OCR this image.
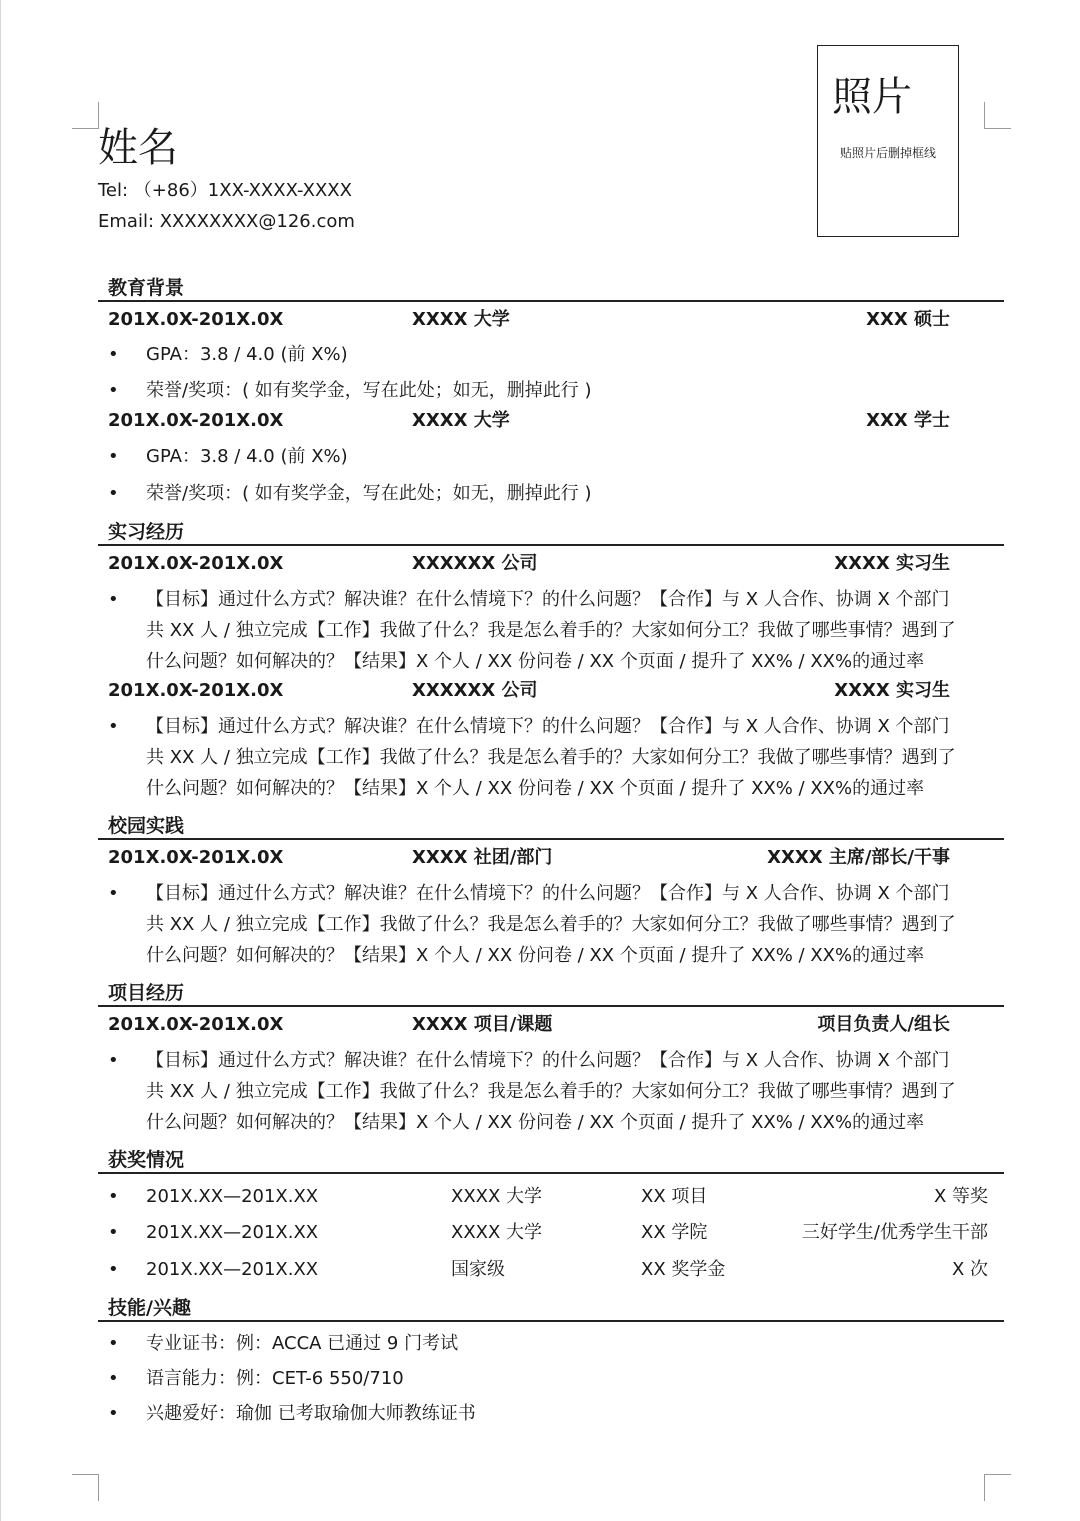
姓名
Tel: （+86）1XX-XXXX-XXXX
Email: XXXXXXXX@126.com
照片
贴照片后删掉框线
教育背景
201X.0X-201X.0X	XXXX 大学	XXX 硕士
•	GPA：3.8 / 4.0 (前 X%)
•	荣誉/奖项：( 如有奖学金，写在此处；如无，删掉此行 )
201X.0X-201X.0X	XXXX 大学	XXX 学士
•	GPA：3.8 / 4.0 (前 X%)
•	荣誉/奖项：( 如有奖学金，写在此处；如无，删掉此行 )
实习经历
201X.0X-201X.0X	XXXXXX 公司	XXXX 实习生
•	【目标】通过什么方式？解决谁？在什么情境下？的什么问题？【合作】与 X 人合作、协调 X 个部门
共 XX 人 / 独立完成【工作】我做了什么？我是怎么着手的？大家如何分工？我做了哪些事情？遇到了
什么问题？如何解决的？【结果】X 个人 / XX 份问卷 / XX 个页面 / 提升了 XX% / XX%的通过率
201X.0X-201X.0X	XXXXXX 公司	XXXX 实习生
•	【目标】通过什么方式？解决谁？在什么情境下？的什么问题？【合作】与 X 人合作、协调 X 个部门
共 XX 人 / 独立完成【工作】我做了什么？我是怎么着手的？大家如何分工？我做了哪些事情？遇到了
什么问题？如何解决的？【结果】X 个人 / XX 份问卷 / XX 个页面 / 提升了 XX% / XX%的通过率
校园实践
201X.0X-201X.0X	XXXX 社团/部门	XXXX 主席/部长/干事
•	【目标】通过什么方式？解决谁？在什么情境下？的什么问题？【合作】与 X 人合作、协调 X 个部门
共 XX 人 / 独立完成【工作】我做了什么？我是怎么着手的？大家如何分工？我做了哪些事情？遇到了
什么问题？如何解决的？【结果】X 个人 / XX 份问卷 / XX 个页面 / 提升了 XX% / XX%的通过率
项目经历
201X.0X-201X.0X	XXXX 项目/课题	项目负责人/组长
•	【目标】通过什么方式？解决谁？在什么情境下？的什么问题？【合作】与 X 人合作、协调 X 个部门
共 XX 人 / 独立完成【工作】我做了什么？我是怎么着手的？大家如何分工？我做了哪些事情？遇到了
什么问题？如何解决的？【结果】X 个人 / XX 份问卷 / XX 个页面 / 提升了 XX% / XX%的通过率
获奖情况
• 201X.XX—201X.XX	XXXX 大学	XX 项目	X 等奖
• 201X.XX—201X.XX	XXXX 大学	XX 学院	三好学生/优秀学生干部
• 201X.XX—201X.XX	国家级	XX 奖学金	X 次
技能/兴趣
•	专业证书：例：ACCA 已通过 9 门考试
•	语言能力：例：CET-6 550/710
•	兴趣爱好：瑜伽 已考取瑜伽大师教练证书
